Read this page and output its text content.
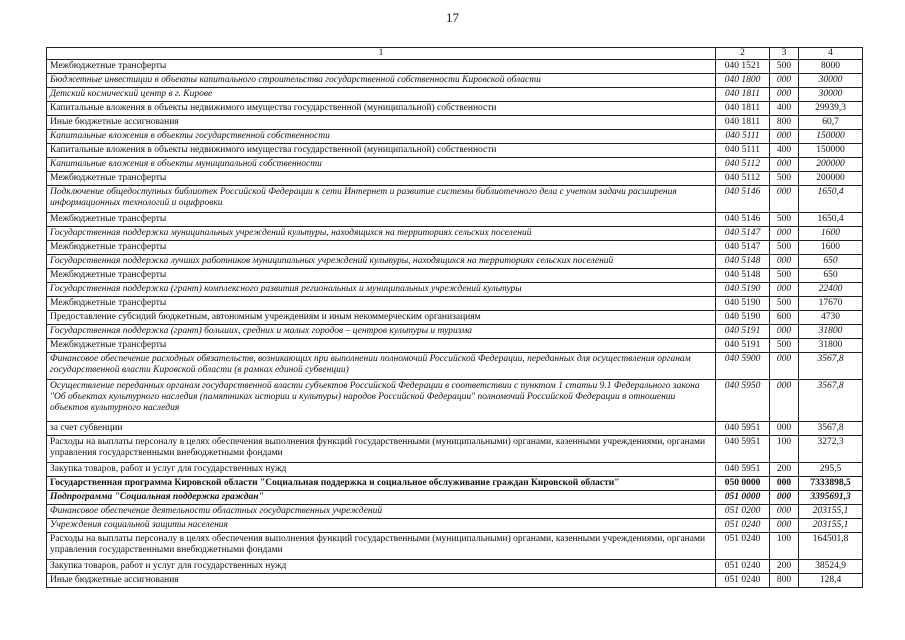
17
1	2	3	4
Межбюджетные трансферты	040 1521	500	8000
Бюджетные инвестиции в объекты капитального строительства государственной собственности Кировской области	040 1800	000	30000
Детский космический центр в г. Кирове	040 1811	000	30000
Капитальные вложения в объекты недвижимого имущества государственной (муниципальной) собственности	040 1811	400	29939,3
Иные бюджетные ассигнования	040 1811	800	60,7
Капитальные вложения в объекты государственной собственности	040 5111	000	150000
Капитальные вложения в объекты недвижимого имущества государственной (муниципальной) собственности	040 5111	400	150000
Капитальные вложения в объекты муниципальной собственности	040 5112	000	200000
Межбюджетные трансферты	040 5112	500	200000
Подключение общедоступных библиотек Российской Федерации к сети Интернет и развитие системы библиотечного дела с учетом задачи расширения информационных технологий и оцифровки	040 5146	000	1650,4
Межбюджетные трансферты	040 5146	500	1650,4
Государственная поддержка муниципальных учреждений культуры, находящихся на территориях сельских поселений	040 5147	000	1600
Межбюджетные трансферты	040 5147	500	1600
Государственная поддержка лучших работников муниципальных учреждений культуры, находящихся на территориях сельских поселений	040 5148	000	650
Межбюджетные трансферты	040 5148	500	650
Государственная поддержка (грант) комплексного развития региональных и муниципальных учреждений культуры	040 5190	000	22400
Межбюджетные трансферты	040 5190	500	17670
Предоставление субсидий бюджетным, автономным учреждениям и иным некоммерческим организациям	040 5190	600	4730
Государственная поддержка (грант) больших, средних и малых городов – центров культуры и туризма	040 5191	000	31800
Межбюджетные трансферты	040 5191	500	31800
Финансовое обеспечение расходных обязательств, возникающих при выполнении полномочий Российской Федерации, переданных для осуществления органам государственной власти Кировской области (в рамках единой субвенции)	040 5900	000	3567,8
Осуществление переданных органам государственной власти субъектов Российской Федерации в соответствии с пунктом 1 статьи 9.1 Федерального закона "Об объектах культурного наследия (памятниках истории и культуры) народов Российской Федерации" полномочий Российской Федерации в отношении объектов культурного наследия	040 5950	000	3567,8
за счет субвенции	040 5951	000	3567,8
Расходы на выплаты персоналу в целях обеспечения выполнения функций государственными (муниципальными) органами, казенными учреждениями, органами управления государственными внебюджетными фондами	040 5951	100	3272,3
Закупка товаров, работ и услуг для государственных нужд	040 5951	200	295,5
Государственная программа Кировской области "Социальная поддержка и социальное обслуживание граждан Кировской области"	050 0000	000	7333898,5
Подпрограмма "Социальная поддержка граждан"	051 0000	000	3395691,3
Финансовое обеспечение деятельности областных государственных учреждений	051 0200	000	203155,1
Учреждения социальной защиты населения	051 0240	000	203155,1
Расходы на выплаты персоналу в целях обеспечения выполнения функций государственными (муниципальными) органами, казенными учреждениями, органами управления государственными внебюджетными фондами	051 0240	100	164501,8
Закупка товаров, работ и услуг для государственных нужд	051 0240	200	38524,9
Иные бюджетные ассигнования	051 0240	800	128,4
